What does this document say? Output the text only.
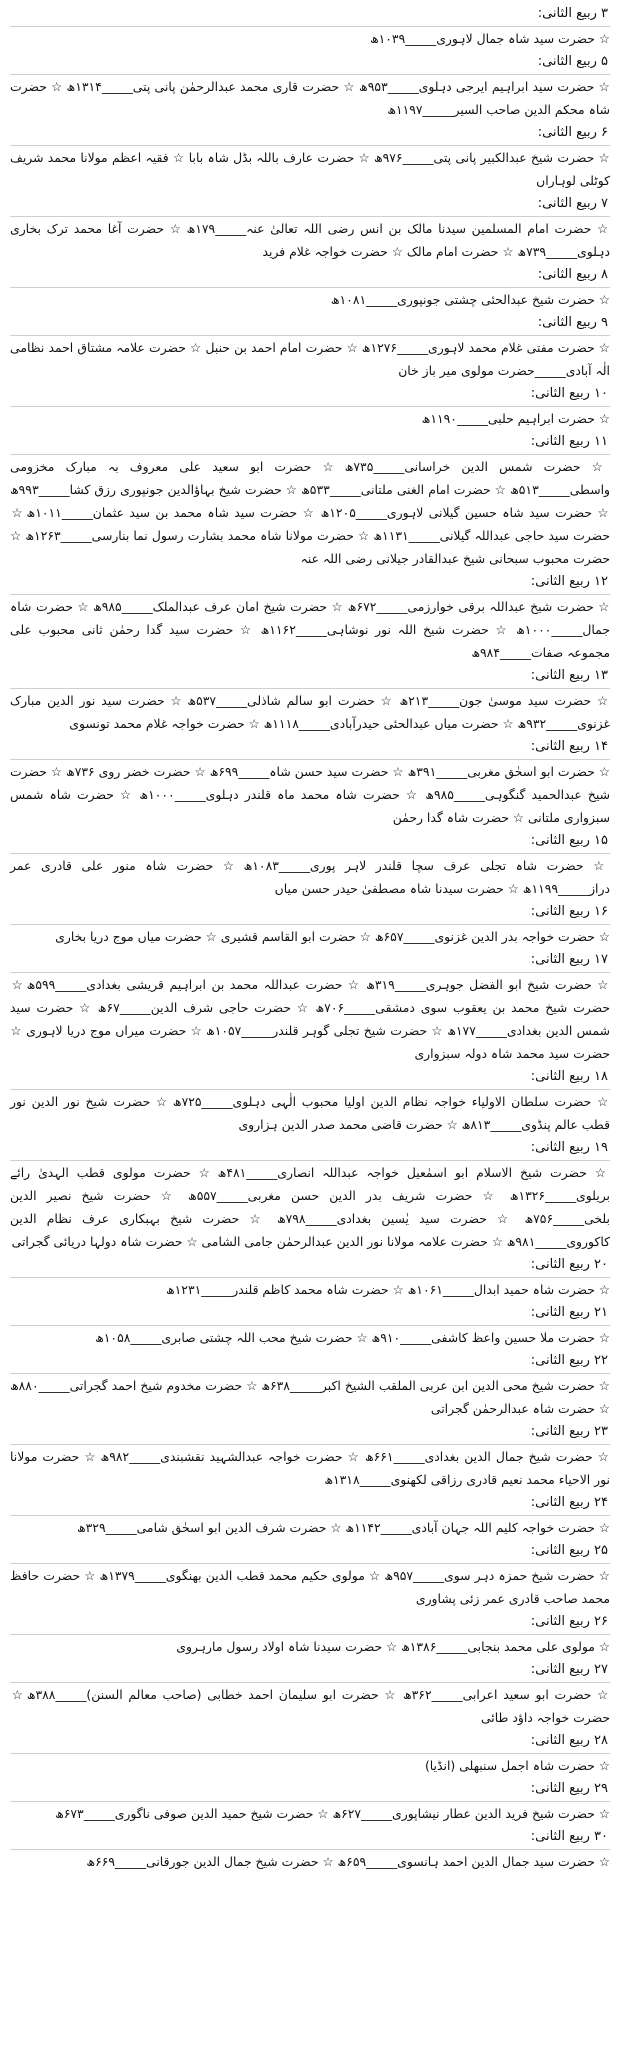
۳ ربیع الثانی:
☆ حضرت سید شاہ جمال لاہوری_____۱۰۳۹ھ
۵ ربیع الثانی:
☆ حضرت سید ابراہیم ایرجی دہلوی_____۹۵۳ھ ☆ حضرت قاری محمد عبدالرحمٰن پانی پتی_____۱۳۱۴ھ ☆ حضرت شاہ محکم الدین صاحب السیر_____۱۱۹۷ھ
۶ ربیع الثانی:
☆ حضرت شیخ عبدالکبیر پانی پتی_____۹۷۶ھ ☆ حضرت عارف باللہ بڈل شاہ بابا ☆ فقیہ اعظم مولانا محمد شریف کوٹلی لوہاراں
۷ ربیع الثانی:
☆ حضرت امام المسلمین سیدنا مالک بن انس رضی اللہ تعالیٰ عنہ_____۱۷۹ھ ☆ حضرت آغا محمد ترک بخاری دہلوی_____۷۳۹ھ ☆ حضرت امام مالک ☆ حضرت خواجہ غلام فرید
۸ ربیع الثانی:
☆ حضرت شیخ عبدالحئی چشتی جونپوری_____۱۰۸۱ھ
۹ ربیع الثانی:
☆ حضرت مفتی غلام محمد لاہوری_____۱۲۷۶ھ ☆ حضرت امام احمد بن حنبل ☆ حضرت علامہ مشتاق احمد نظامی الٰہ آبادی_____حضرت مولوی میر باز خان
۱۰ ربیع الثانی:
☆ حضرت ابراہیم حلبی_____۱۱۹۰ھ
۱۱ ربیع الثانی:
☆ حضرت شمس الدین خراسانی_____۷۳۵ھ ☆ حضرت ابو سعید علی معروف بہ مبارک مخزومی واسطی_____۵۱۳ھ ☆ حضرت امام الغنی ملتانی_____۵۳۳ھ ☆ حضرت شیخ بہاؤالدین جونپوری رزق کشا_____۹۹۳ھ ☆ حضرت سید شاہ حسین گیلانی لاہوری_____۱۲۰۵ھ ☆ حضرت سید شاہ محمد بن سید عثمان_____۱۰۱۱ھ ☆ حضرت سید حاجی عبداللہ گیلانی_____۱۱۳۱ھ ☆ حضرت مولانا شاہ محمد بشارت رسول نما بنارسی_____۱۲۶۳ھ ☆ حضرت محبوب سبحانی شیخ عبدالقادر جیلانی رضی اللہ عنہ
۱۲ ربیع الثانی:
☆ حضرت شیخ عبداللہ برقی خوارزمی_____۶۷۲ھ ☆ حضرت شیخ امان عرف عبدالملک_____۹۸۵ھ ☆ حضرت شاہ جمال_____۱۰۰۰ھ ☆ حضرت شیخ اللہ نور نوشاہی_____۱۱۶۲ھ ☆ حضرت سید گدا رحمٰن ثانی محبوب علی مجموعہ صفات_____۹۸۴ھ
۱۳ ربیع الثانی:
☆ حضرت سید موسیٰ جون_____۲۱۳ھ ☆ حضرت ابو سالم شاذلی_____۵۳۷ھ ☆ حضرت سید نور الدین مبارک غزنوی_____۹۳۲ھ ☆ حضرت میاں عبدالحئی حیدرآبادی_____۱۱۱۸ھ ☆ حضرت خواجہ غلام محمد تونسوی
۱۴ ربیع الثانی:
☆ حضرت ابو اسحٰق مغربی_____۳۹۱ھ ☆ حضرت سید حسن شاہ_____۶۹۹ھ ☆ حضرت خضر روی ۷۳۶ھ ☆ حضرت شیخ عبدالحمید گنگوہی_____۹۸۵ھ ☆ حضرت شاہ محمد ماہ قلندر دہلوی_____۱۰۰۰ھ ☆ حضرت شاہ شمس سبزواری ملتانی ☆ حضرت شاہ گدا رحمٰن
۱۵ ربیع الثانی:
☆ حضرت شاہ تجلی عرف سچا قلندر لاہر پوری_____۱۰۸۳ھ ☆ حضرت شاہ منور علی قادری عمر دراز_____۱۱۹۹ھ ☆ حضرت سیدنا شاہ مصطفیٰ حیدر حسن میاں
۱۶ ربیع الثانی:
☆ حضرت خواجہ بدر الدین غزنوی_____۶۵۷ھ ☆ حضرت ابو القاسم قشیری ☆ حضرت میاں موج دریا بخاری
۱۷ ربیع الثانی:
☆ حضرت شیخ ابو الفضل جوہری_____۳۱۹ھ ☆ حضرت عبداللہ محمد بن ابراہیم قریشی بغدادی_____۵۹۹ھ ☆ حضرت شیخ محمد بن یعقوب سوی دمشقی_____۷۰۶ھ ☆ حضرت حاجی شرف الدین_____۶۷ھ ☆ حضرت سید شمس الدین بغدادی_____۱۷۷ھ ☆ حضرت شیخ تجلی گوہر قلندر_____۱۰۵۷ھ ☆ حضرت میراں موج دریا لاہوری ☆ حضرت سید محمد شاہ دولہ سبزواری
۱۸ ربیع الثانی:
☆ حضرت سلطان الاولیاء خواجہ نظام الدین اولیا محبوب الٰہی دہلوی_____۷۲۵ھ ☆ حضرت شیخ نور الدین نور قطب عالم پنڈوی_____۸۱۳ھ ☆ حضرت قاضی محمد صدر الدین ہزاروی
۱۹ ربیع الثانی:
☆ حضرت شیخ الاسلام ابو اسمٰعیل خواجہ عبداللہ انصاری_____۴۸۱ھ ☆ حضرت مولوی قطب الہدیٰ رائے بریلوی_____۱۳۲۶ھ ☆ حضرت شریف بدر الدین حسن مغربی_____۵۵۷ھ ☆ حضرت شیخ نصیر الدین بلخی_____۷۵۶ھ ☆ حضرت سید یٰسین بغدادی_____۷۹۸ھ ☆ حضرت شیخ بہبکاری عرف نظام الدین کاکوروی_____۹۸۱ھ ☆ حضرت علامہ مولانا نور الدین عبدالرحمٰن جامی الشامی ☆ حضرت شاہ دولہا دریائی گجراتی
۲۰ ربیع الثانی:
☆ حضرت شاہ حمید ابدال_____۱۰۶۱ھ ☆ حضرت شاہ محمد کاظم قلندر_____۱۲۳۱ھ
۲۱ ربیع الثانی:
☆ حضرت ملا حسین واعظ کاشفی_____۹۱۰ھ ☆ حضرت شیخ محب اللہ چشتی صابری_____۱۰۵۸ھ
۲۲ ربیع الثانی:
☆ حضرت شیخ محی الدین ابن عربی الملقب الشیخ اکبر_____۶۳۸ھ ☆ حضرت مخدوم شیخ احمد گجراتی_____۸۸۰ھ ☆ حضرت شاہ عبدالرحمٰن گجراتی
۲۳ ربیع الثانی:
☆ حضرت شیخ جمال الدین بغدادی_____۶۶۱ھ ☆ حضرت خواجہ عبدالشہید نقشبندی_____۹۸۲ھ ☆ حضرت مولانا نور الاحیاء محمد نعیم قادری رزاقی لکھنوی_____۱۳۱۸ھ
۲۴ ربیع الثانی:
☆ حضرت خواجہ کلیم اللہ جہان آبادی_____۱۱۴۲ھ ☆ حضرت شرف الدین ابو اسحٰق شامی_____۳۲۹ھ
۲۵ ربیع الثانی:
☆ حضرت شیخ حمزہ دہر سوی_____۹۵۷ھ ☆ مولوی حکیم محمد قطب الدین بھنگوی_____۱۳۷۹ھ ☆ حضرت حافظ محمد صاحب قادری عمر زئی پشاوری
۲۶ ربیع الثانی:
☆ مولوی علی محمد بنجابی_____۱۳۸۶ھ ☆ حضرت سیدنا شاہ اولاد رسول مارہروی
۲۷ ربیع الثانی:
☆ حضرت ابو سعید اعرابی_____۳۶۲ھ ☆ حضرت ابو سلیمان احمد خطابی (صاحب معالم السنن)_____۳۸۸ھ ☆ حضرت خواجہ داؤد طائی
۲۸ ربیع الثانی:
☆ حضرت شاہ اجمل سنبھلی (انڈیا)
۲۹ ربیع الثانی:
☆ حضرت شیخ فرید الدین عطار نیشاپوری_____۶۲۷ھ ☆ حضرت شیخ حمید الدین صوفی ناگوری_____۶۷۳ھ
۳۰ ربیع الثانی:
☆ حضرت سید جمال الدین احمد ہانسوی_____۶۵۹ھ ☆ حضرت شیخ جمال الدین جورقانی_____۶۶۹ھ
